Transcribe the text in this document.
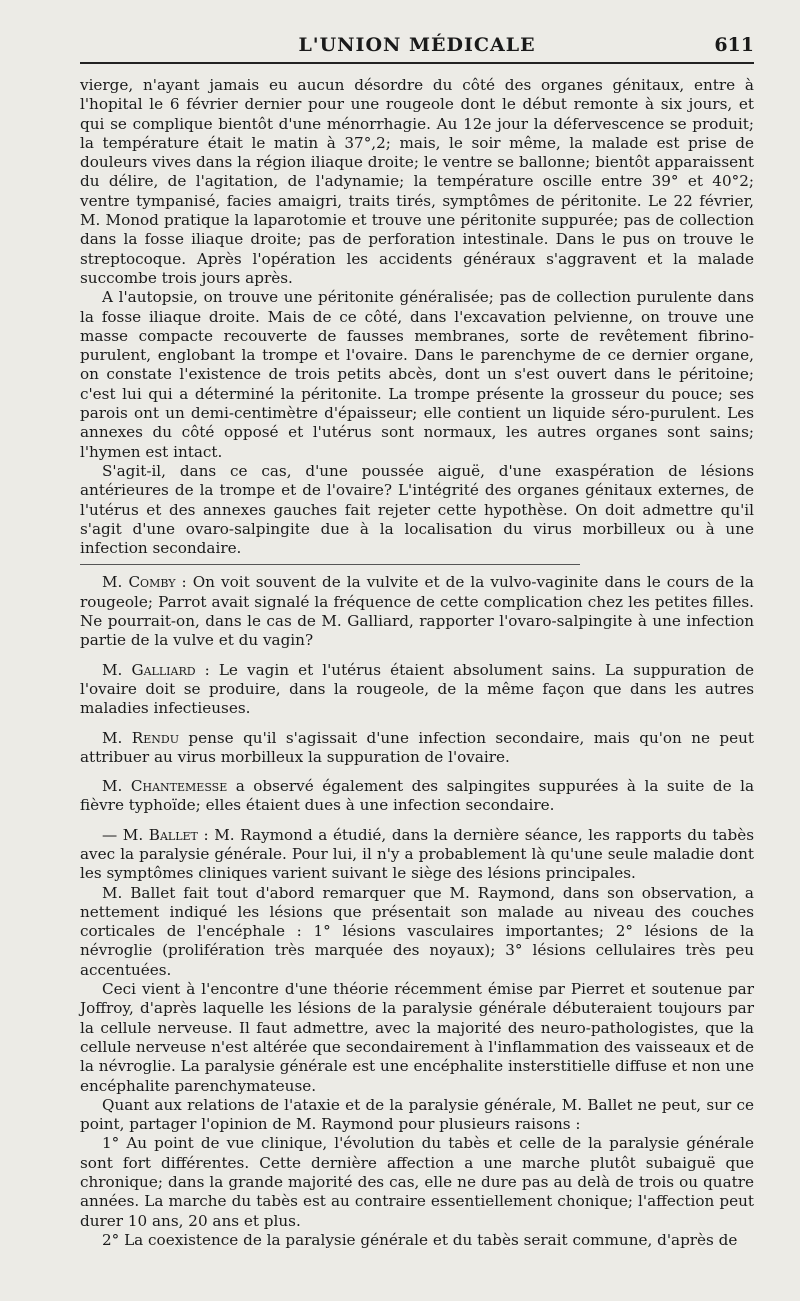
L'UNION MÉDICALE	611

vierge, n'ayant jamais eu aucun désordre du côté des organes génitaux, entre à l'hopital le 6 février dernier pour une rougeole dont le début remonte à six jours, et qui se complique bientôt d'une ménorrhagie. Au 12e jour la défervescence se produit; la température était le matin à 37°,2; mais, le soir même, la malade est prise de douleurs vives dans la région iliaque droite; le ventre se ballonne; bientôt apparaissent du délire, de l'agitation, de l'adynamie; la température oscille entre 39° et 40°2; ventre tympanisé, facies amaigri, traits tirés, symptômes de péritonite. Le 22 février, M. Monod pratique la laparotomie et trouve une péritonite suppurée; pas de collection dans la fosse iliaque droite; pas de perforation intestinale. Dans le pus on trouve le streptocoque. Après l'opération les accidents généraux s'aggravent et la malade succombe trois jours après.

A l'autopsie, on trouve une péritonite généralisée; pas de collection purulente dans la fosse iliaque droite. Mais de ce côté, dans l'excavation pelvienne, on trouve une masse compacte recouverte de fausses membranes, sorte de revêtement fibrino-purulent, englobant la trompe et l'ovaire. Dans le parenchyme de ce dernier organe, on constate l'existence de trois petits abcès, dont un s'est ouvert dans le péritoine; c'est lui qui a déterminé la péritonite. La trompe présente la grosseur du pouce; ses parois ont un demi-centimètre d'épaisseur; elle contient un liquide séro-purulent. Les annexes du côté opposé et l'utérus sont normaux, les autres organes sont sains; l'hymen est intact.

S'agit-il, dans ce cas, d'une poussée aiguë, d'une exaspération de lésions antérieures de la trompe et de l'ovaire? L'intégrité des organes génitaux externes, de l'utérus et des annexes gauches fait rejeter cette hypothèse. On doit admettre qu'il s'agit d'une ovaro-salpingite due à la localisation du virus morbilleux ou à une infection secondaire.

M. Comby : On voit souvent de la vulvite et de la vulvo-vaginite dans le cours de la rougeole; Parrot avait signalé la fréquence de cette complication chez les petites filles. Ne pourrait-on, dans le cas de M. Galliard, rapporter l'ovaro-salpingite à une infection partie de la vulve et du vagin?

M. Galliard : Le vagin et l'utérus étaient absolument sains. La suppuration de l'ovaire doit se produire, dans la rougeole, de la même façon que dans les autres maladies infectieuses.

M. Rendu pense qu'il s'agissait d'une infection secondaire, mais qu'on ne peut attribuer au virus morbilleux la suppuration de l'ovaire.

M. Chantemesse a observé également des salpingites suppurées à la suite de la fièvre typhoïde; elles étaient dues à une infection secondaire.

— M. Ballet : M. Raymond a étudié, dans la dernière séance, les rapports du tabès avec la paralysie générale. Pour lui, il n'y a probablement là qu'une seule maladie dont les symptômes cliniques varient suivant le siège des lésions principales.

M. Ballet fait tout d'abord remarquer que M. Raymond, dans son observation, a nettement indiqué les lésions que présentait son malade au niveau des couches corticales de l'encéphale : 1° lésions vasculaires importantes; 2° lésions de la névroglie (prolifération très marquée des noyaux); 3° lésions cellulaires très peu accentuées.

Ceci vient à l'encontre d'une théorie récemment émise par Pierret et soutenue par Joffroy, d'après laquelle les lésions de la paralysie générale débuteraient toujours par la cellule nerveuse. Il faut admettre, avec la majorité des neuro-pathologistes, que la cellule nerveuse n'est altérée que secondairement à l'inflammation des vaisseaux et de la névroglie. La paralysie générale est une encéphalite insterstitielle diffuse et non une encéphalite parenchymateuse.

Quant aux relations de l'ataxie et de la paralysie générale, M. Ballet ne peut, sur ce point, partager l'opinion de M. Raymond pour plusieurs raisons :

1° Au point de vue clinique, l'évolution du tabès et celle de la paralysie générale sont fort différentes. Cette dernière affection a une marche plutôt subaiguë que chronique; dans la grande majorité des cas, elle ne dure pas au delà de trois ou quatre années. La marche du tabès est au contraire essentiellement chonique; l'affection peut durer 10 ans, 20 ans et plus.

2° La coexistence de la paralysie générale et du tabès serait commune, d'après de
